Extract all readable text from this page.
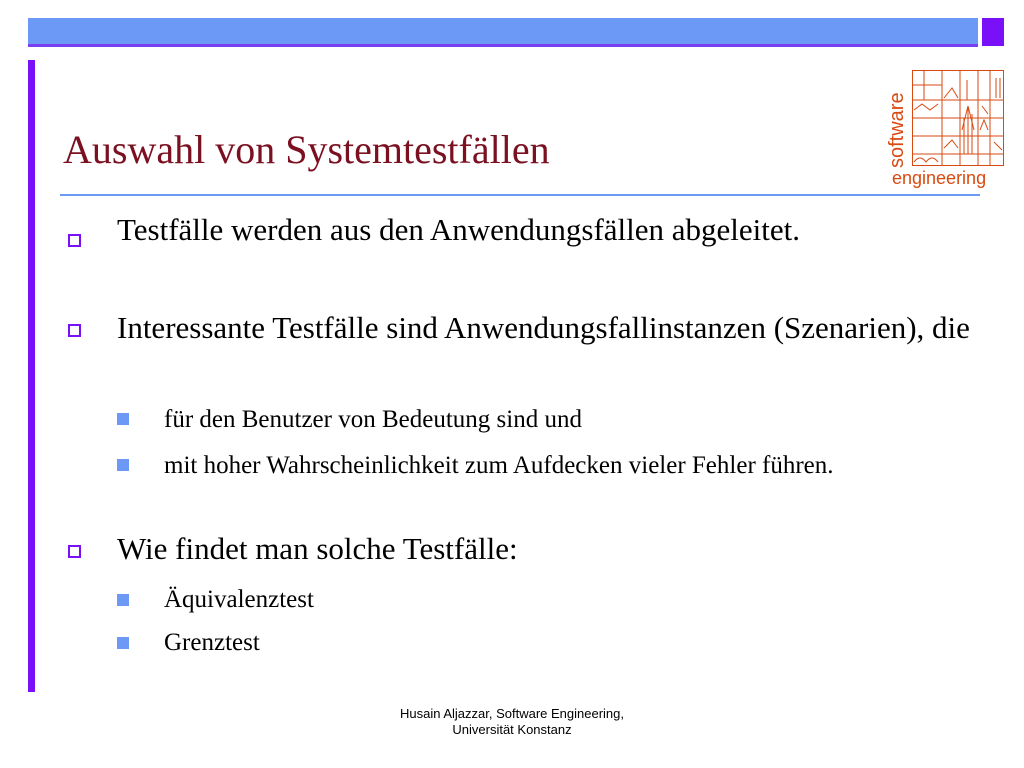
Auswahl von Systemtestfällen	software
engineering
Testfälle werden aus den Anwendungsfällen abgeleitet.
Interessante Testfälle sind Anwendungsfallinstanzen (Szenarien), die
für den Benutzer von Bedeutung sind und
mit hoher Wahrscheinlichkeit zum Aufdecken vieler Fehler führen.
Wie findet man solche Testfälle:
Äquivalenztest
Grenztest
Husain Aljazzar, Software Engineering,
Universität Konstanz
